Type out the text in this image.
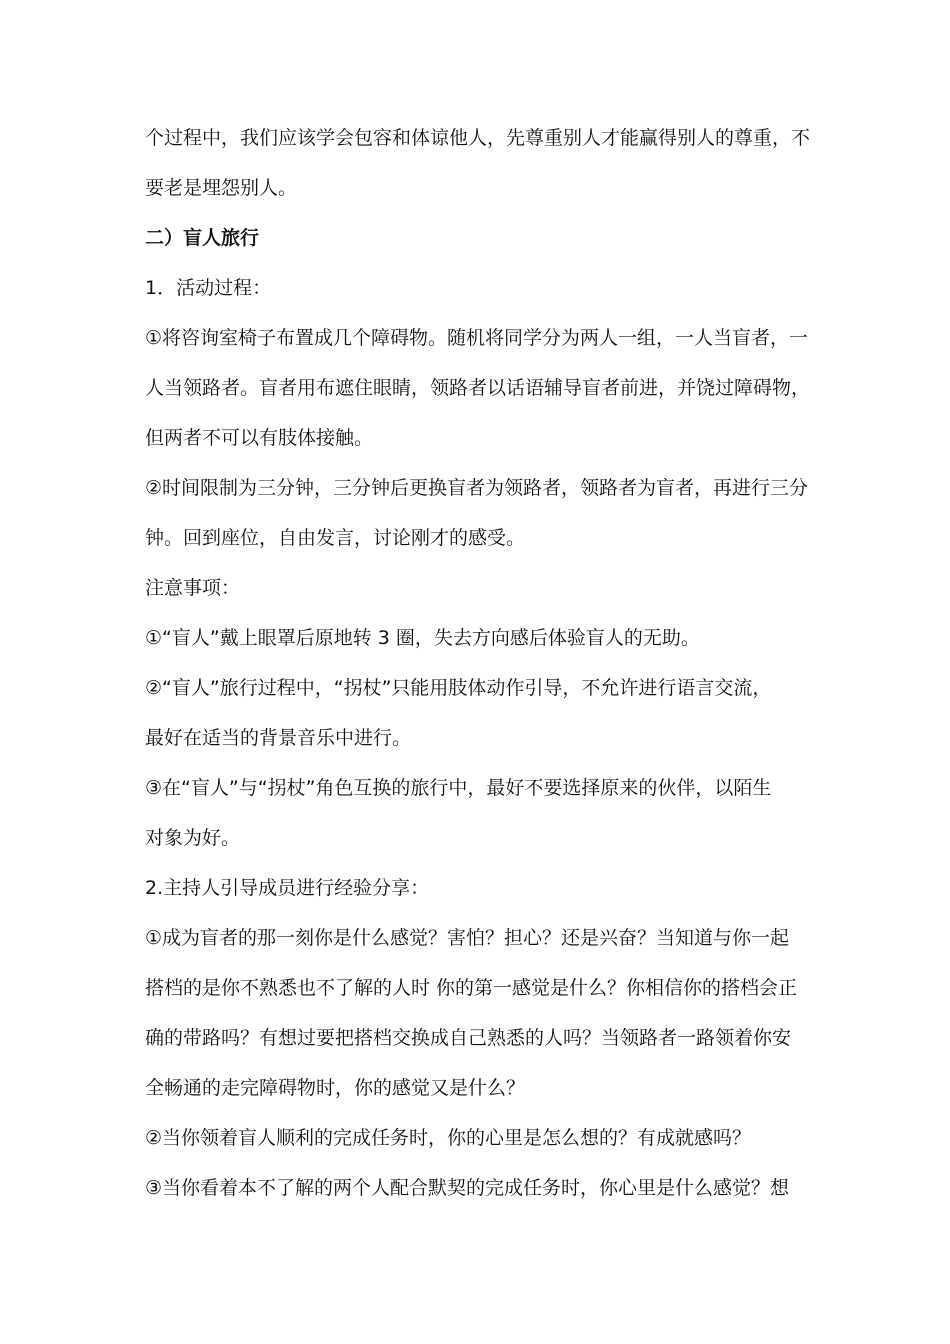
个过程中，我们应该学会包容和体谅他人，先尊重别人才能赢得别人的尊重，不
要老是埋怨别人。
二）盲人旅行
1．活动过程：
①将咨询室椅子布置成几个障碍物。随机将同学分为两人一组，一人当盲者，一
人当领路者。盲者用布遮住眼睛，领路者以话语辅导盲者前进，并饶过障碍物，
但两者不可以有肢体接触。
②时间限制为三分钟，三分钟后更换盲者为领路者，领路者为盲者，再进行三分
钟。回到座位，自由发言，讨论刚才的感受。
注意事项：
①“盲人”戴上眼罩后原地转 3 圈，失去方向感后体验盲人的无助。
②“盲人”旅行过程中，“拐杖”只能用肢体动作引导，不允许进行语言交流，
最好在适当的背景音乐中进行。
③在“盲人”与“拐杖”角色互换的旅行中，最好不要选择原来的伙伴，以陌生
对象为好。
2.主持人引导成员进行经验分享：
①成为盲者的那一刻你是什么感觉？害怕？担心？还是兴奋？当知道与你一起
搭档的是你不熟悉也不了解的人时 你的第一感觉是什么？你相信你的搭档会正
确的带路吗？有想过要把搭档交换成自己熟悉的人吗？当领路者一路领着你安
全畅通的走完障碍物时，你的感觉又是什么？
②当你领着盲人顺利的完成任务时，你的心里是怎么想的？有成就感吗？
③当你看着本不了解的两个人配合默契的完成任务时，你心里是什么感觉？想
